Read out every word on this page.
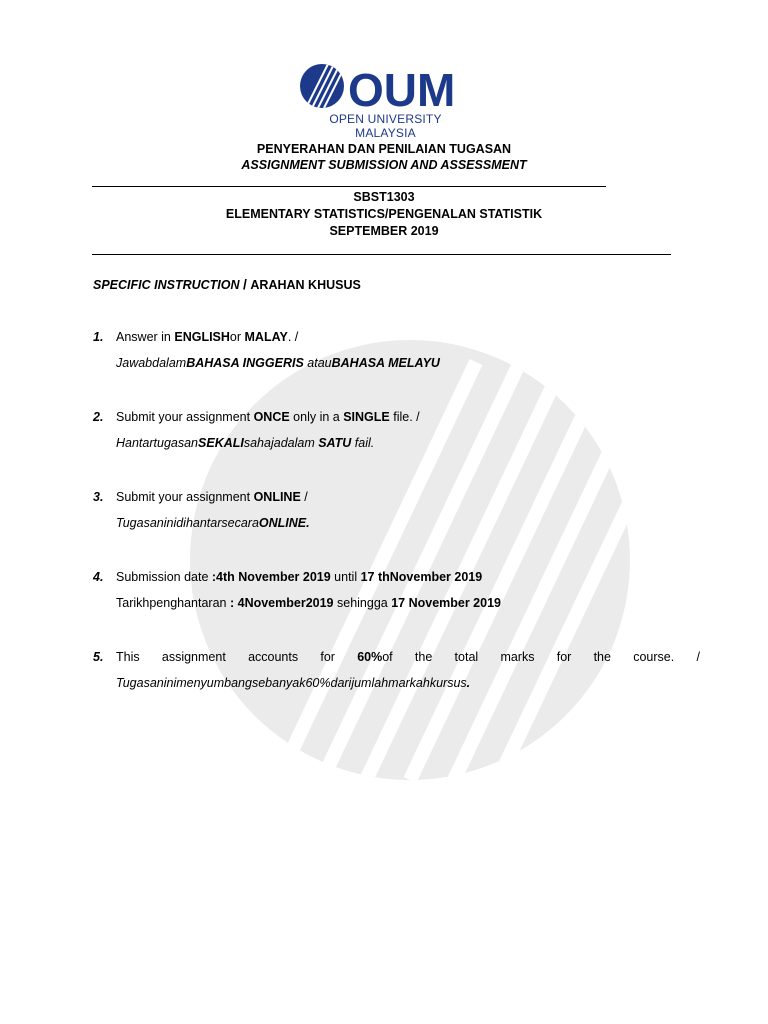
OUM
OPEN UNIVERSITY MALAYSIA
PENYERAHAN DAN PENILAIAN TUGASAN
ASSIGNMENT SUBMISSION AND ASSESSMENT
SBST1303
ELEMENTARY STATISTICS/PENGENALAN STATISTIK
SEPTEMBER 2019
SPECIFIC INSTRUCTION / ARAHAN KHUSUS
1.	Answer in ENGLISHor MALAY. /
JawabdalamBAHASA INGGERIS atauBAHASA MELAYU
2.	Submit your assignment ONCE only in a SINGLE file. /
HantartugasanSEKALIsahajadalam SATU fail.
3.	Submit your assignment ONLINE /
TugasaninidihantarsecaraONLINE.
4.	Submission date :4th November 2019 until 17 thNovember 2019
Tarikhpenghantaran : 4November2019 sehingga 17 November 2019
5.	This assignment accounts for 60%of the total marks for the course. /
Tugasaninimenyumbangsebanyak60%darijumlahmarkahkursus.
